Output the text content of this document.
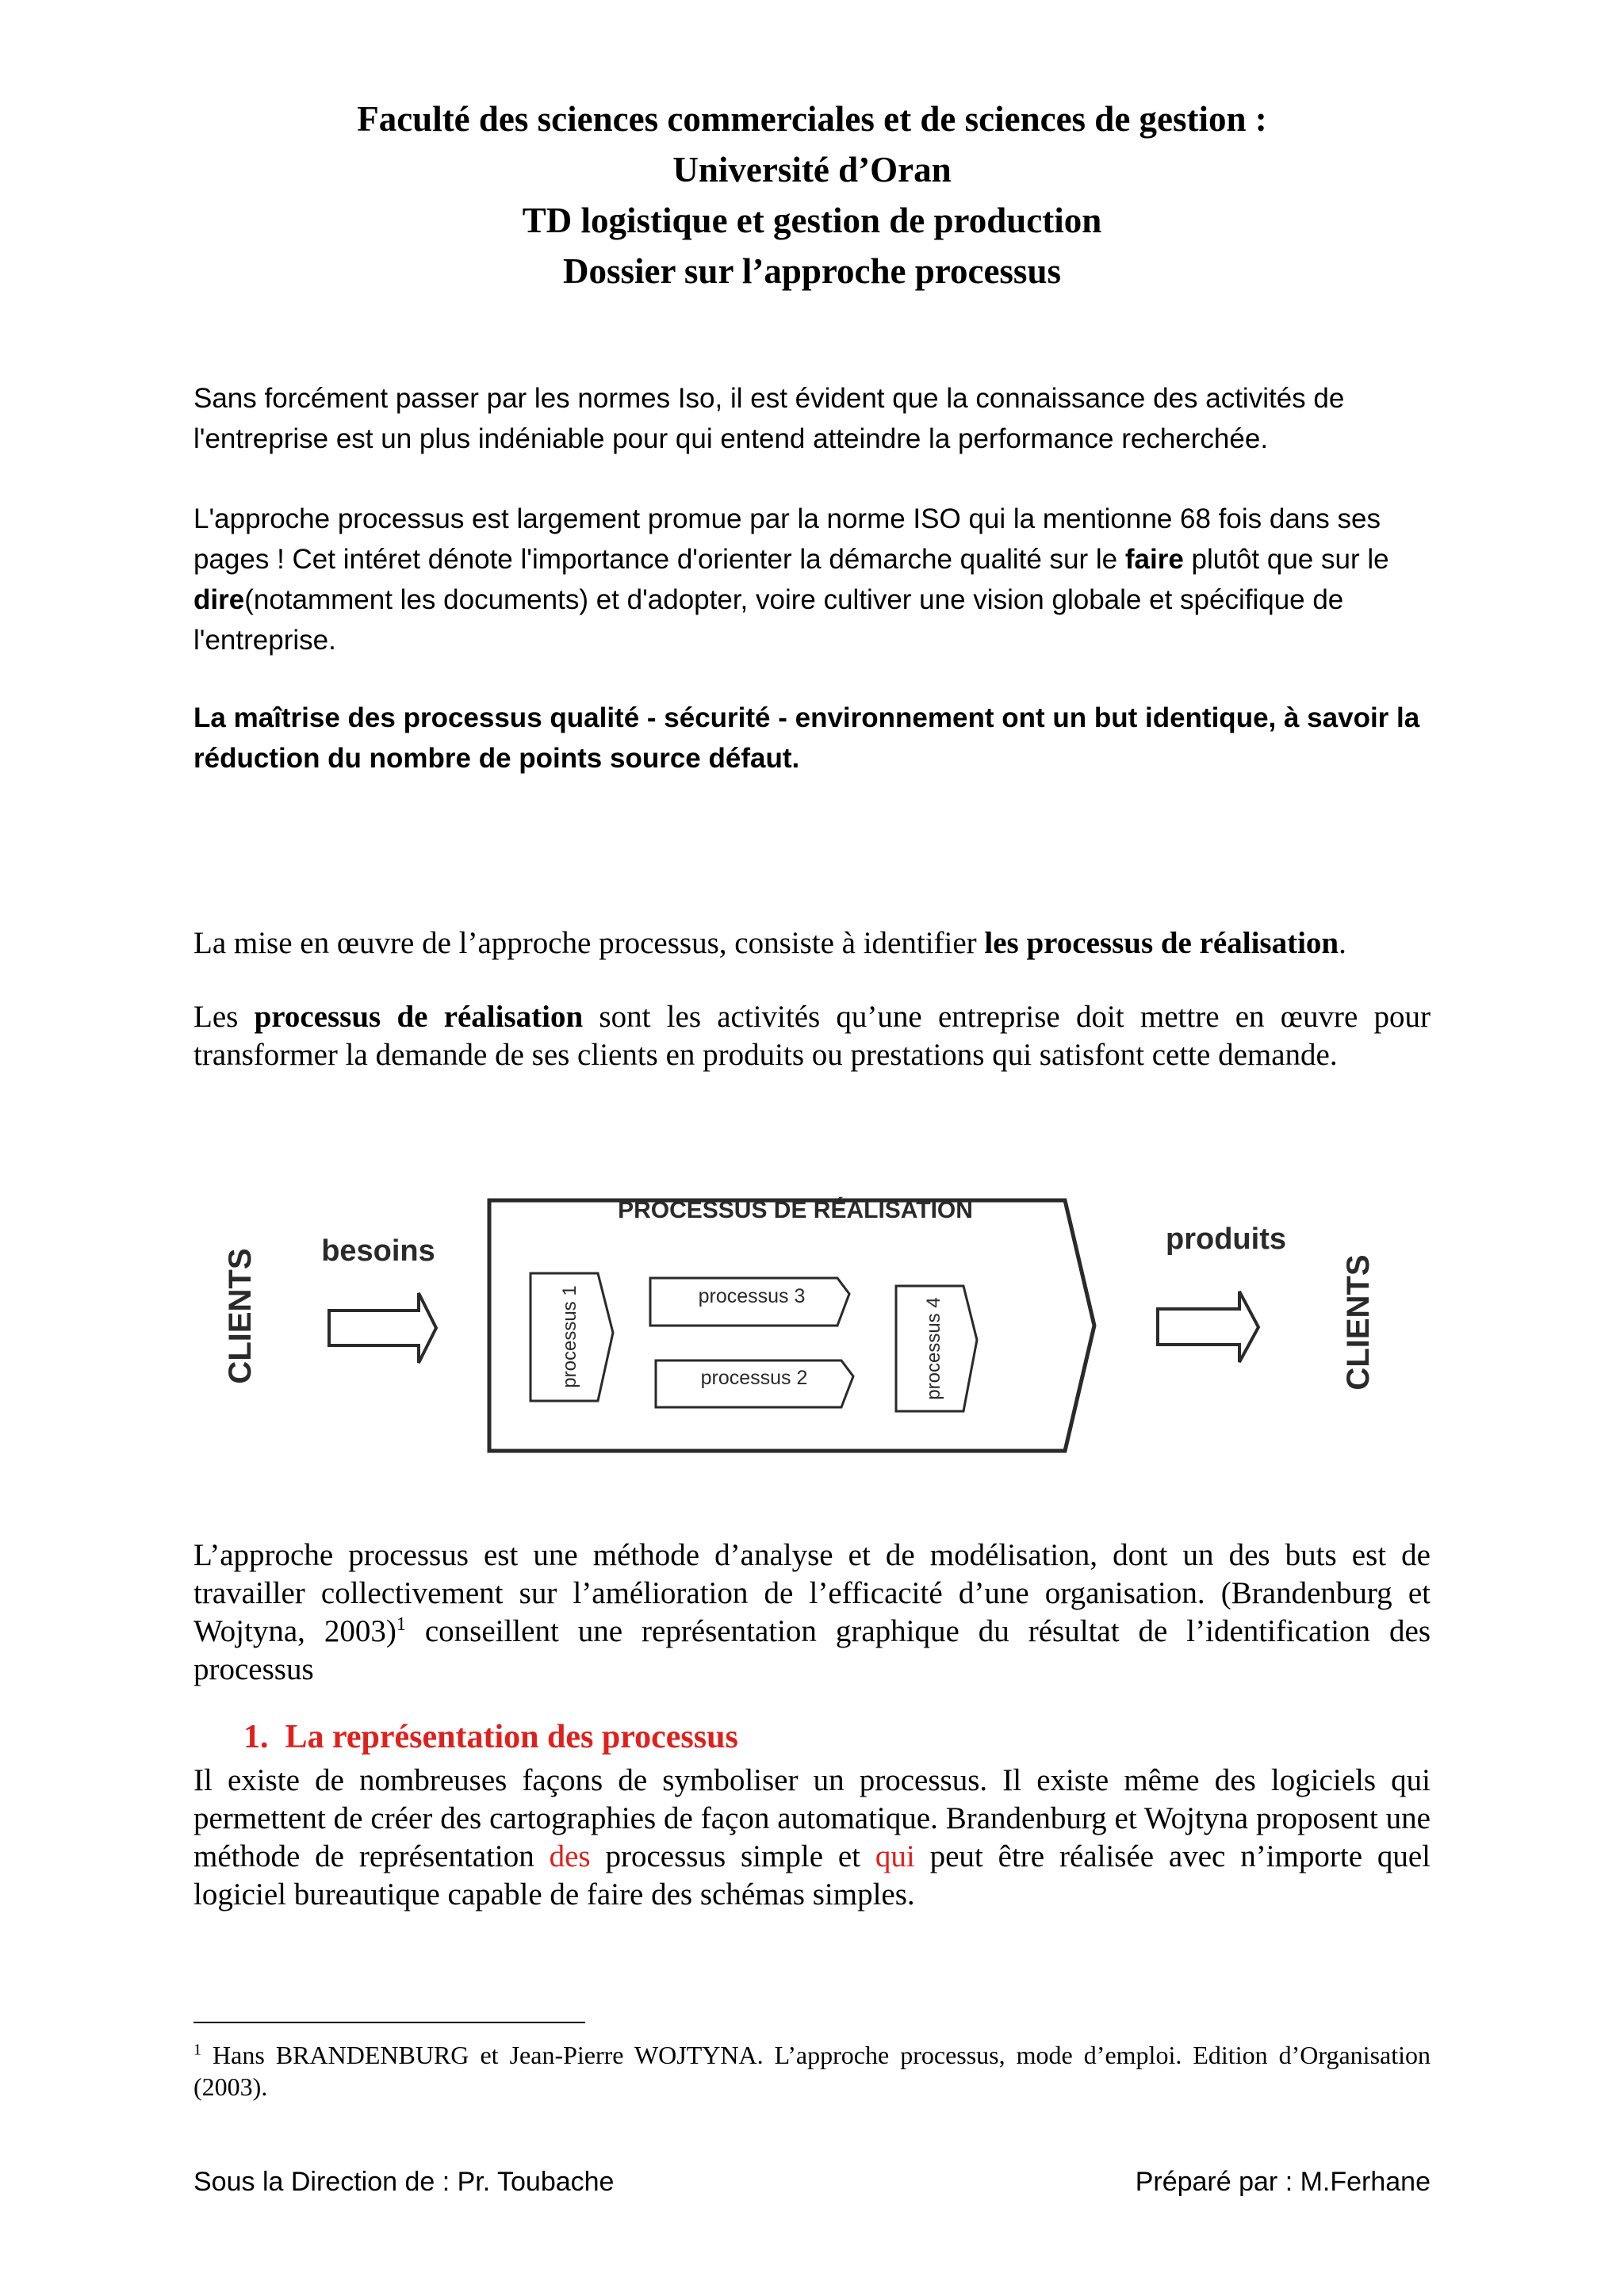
Faculté des sciences commerciales et de sciences de gestion :
Université d’Oran
TD logistique et gestion de production
Dossier sur l’approche processus
Sans forcément passer par les normes Iso, il est évident que la connaissance des activités de l'entreprise est un plus indéniable pour qui entend atteindre la performance recherchée.
L'approche processus est largement promue par la norme ISO qui la mentionne 68 fois dans ses pages ! Cet intéret dénote l'importance d'orienter la démarche qualité sur le faire plutôt que sur le dire(notamment les documents) et d'adopter, voire cultiver une vision globale et spécifique de l'entreprise.
La maîtrise des processus qualité - sécurité - environnement ont un but identique, à savoir la réduction du nombre de points source défaut.
La mise en œuvre de l’approche processus, consiste à identifier les processus de réalisation.
Les processus de réalisation sont les activités qu’une entreprise doit mettre en œuvre pour transformer la demande de ses clients en produits ou prestations qui satisfont cette demande.
CLIENTS besoins
PROCESSUS DE RÉALISATION
processus 1	processus 3
processus 2	processus 4
produits
CLIENTS
L’approche processus est une méthode d’analyse et de modélisation, dont un des buts est de travailler collectivement sur l’amélioration de l’efficacité d’une organisation. (Brandenburg et Wojtyna, 2003)$^1$ conseillent une représentation graphique du résultat de l’identification des processus
1. La représentation des processus
Il existe de nombreuses façons de symboliser un processus. Il existe même des logiciels qui permettent de créer des cartographies de façon automatique. Brandenburg et Wojtyna proposent une méthode de représentation des processus simple et qui peut être réalisée avec n’importe quel logiciel bureautique capable de faire des schémas simples.
$^1$ Hans BRANDENBURG et Jean-Pierre WOJTYNA. L’approche processus, mode d’emploi. Edition d’Organisation (2003).
Sous la Direction de : Pr. Toubache	Préparé par : M.Ferhane
